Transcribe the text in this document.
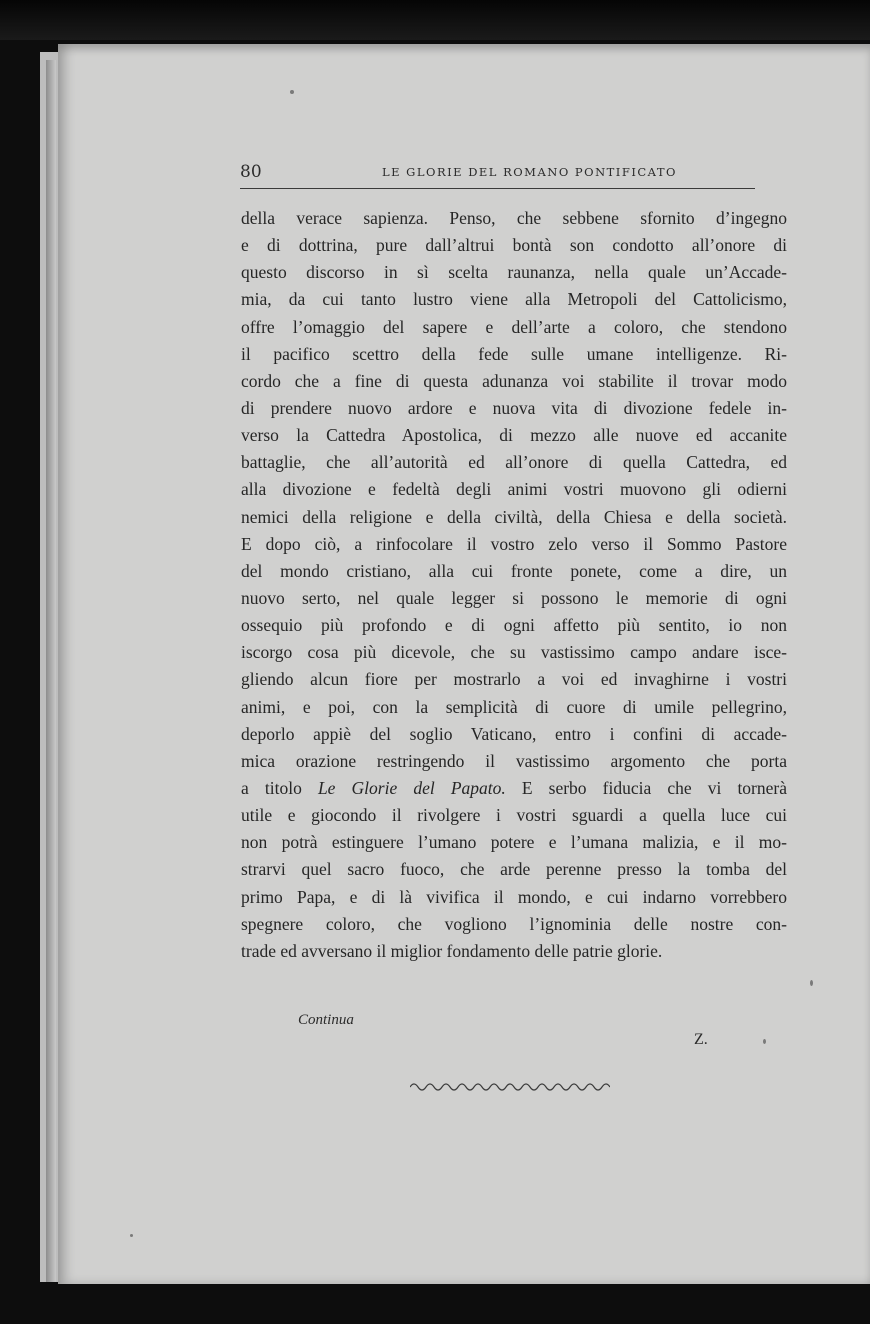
80	LE GLORIE DEL ROMANO PONTIFICATO
della verace sapienza. Penso, che sebbene sfornito d’ingegno
e di dottrina, pure dall’altrui bontà son condotto all’onore di
questo discorso in sì scelta raunanza, nella quale un’Accade-
mia, da cui tanto lustro viene alla Metropoli del Cattolicismo,
offre l’omaggio del sapere e dell’arte a coloro, che stendono
il pacifico scettro della fede sulle umane intelligenze. Ri-
cordo che a fine di questa adunanza voi stabilite il trovar modo
di prendere nuovo ardore e nuova vita di divozione fedele in-
verso la Cattedra Apostolica, di mezzo alle nuove ed accanite
battaglie, che all’autorità ed all’onore di quella Cattedra, ed
alla divozione e fedeltà degli animi vostri muovono gli odierni
nemici della religione e della civiltà, della Chiesa e della società.
E dopo ciò, a rinfocolare il vostro zelo verso il Sommo Pastore
del mondo cristiano, alla cui fronte ponete, come a dire, un
nuovo serto, nel quale legger si possono le memorie di ogni
ossequio più profondo e di ogni affetto più sentito, io non
iscorgo cosa più dicevole, che su vastissimo campo andare isce-
gliendo alcun fiore per mostrarlo a voi ed invaghirne i vostri
animi, e poi, con la semplicità di cuore di umile pellegrino,
deporlo appiè del soglio Vaticano, entro i confini di accade-
mica orazione restringendo il vastissimo argomento che porta
a titolo Le Glorie del Papato. E serbo fiducia che vi tornerà
utile e giocondo il rivolgere i vostri sguardi a quella luce cui
non potrà estinguere l’umano potere e l’umana malizia, e il mo-
strarvi quel sacro fuoco, che arde perenne presso la tomba del
primo Papa, e di là vivifica il mondo, e cui indarno vorrebbero
spegnere coloro, che vogliono l’ignominia delle nostre con-
trade ed avversano il miglior fondamento delle patrie glorie.
Continua
Z.
